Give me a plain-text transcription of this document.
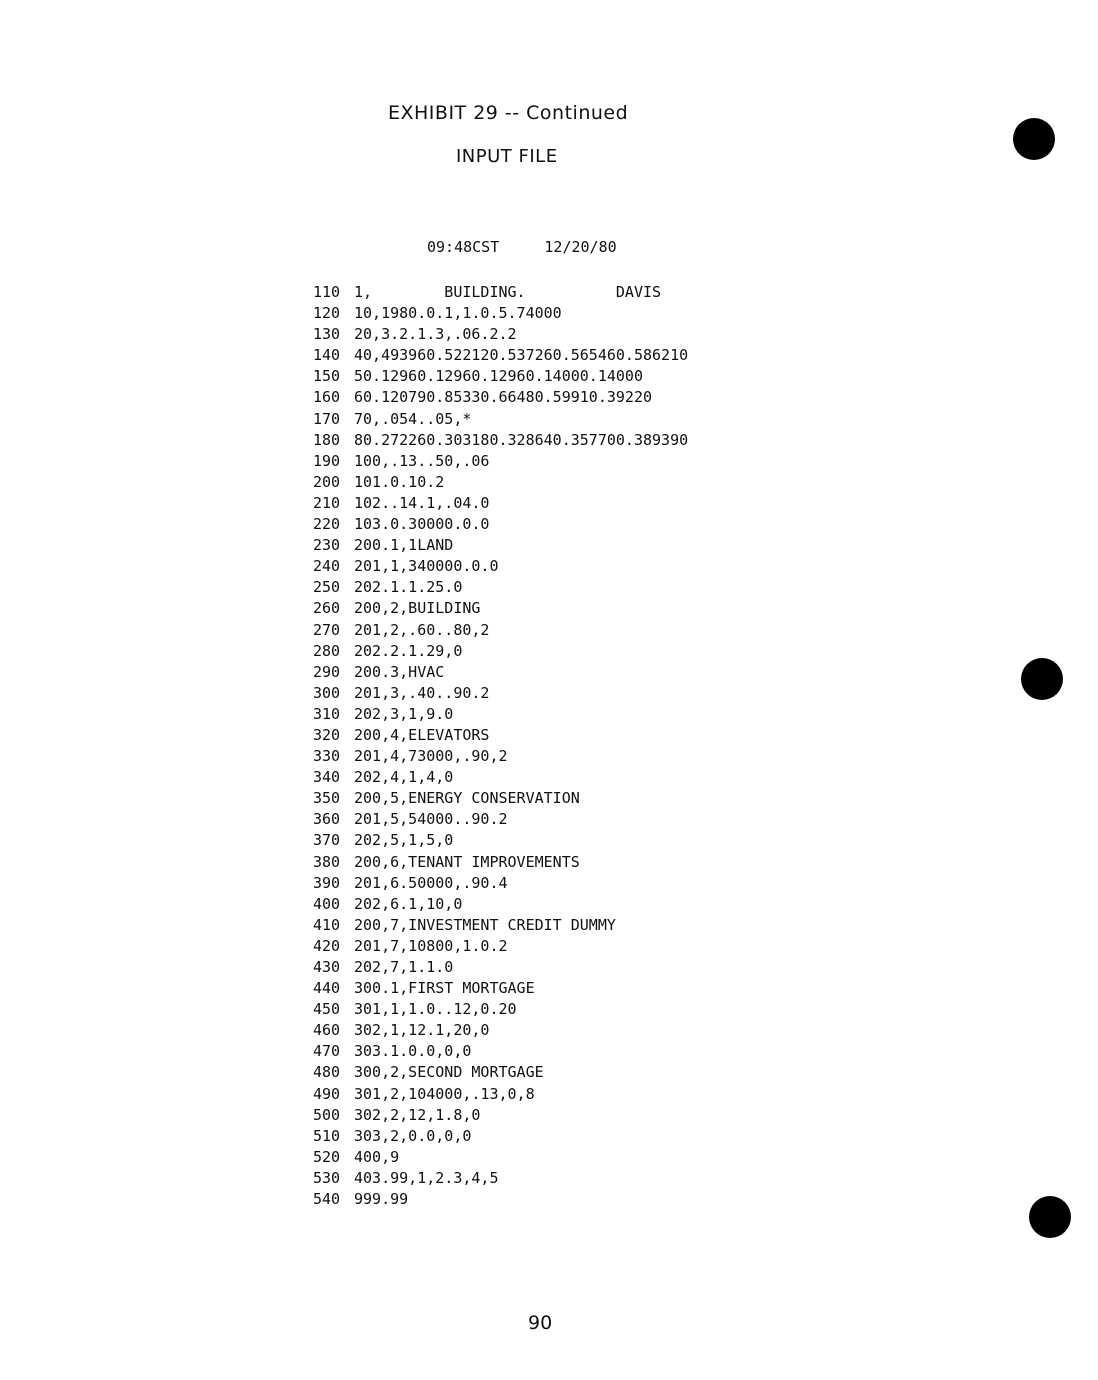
EXHIBIT 29 -- Continued
INPUT FILE
09:48CST     12/20/80
110 1,        BUILDING.          DAVIS
120 10,1980.0.1,1.0.5.74000
130 20,3.2.1.3,.06.2.2
140 40,493960.522120.537260.565460.586210
150 50.12960.12960.12960.14000.14000
160 60.120790.85330.66480.59910.39220
170 70,.054..05,*
180 80.272260.303180.328640.357700.389390
190 100,.13..50,.06
200 101.0.10.2
210 102..14.1,.04.0
220 103.0.30000.0.0
230 200.1,1LAND
240 201,1,340000.0.0
250 202.1.1.25.0
260 200,2,BUILDING
270 201,2,.60..80,2
280 202.2.1.29,0
290 200.3,HVAC
300 201,3,.40..90.2
310 202,3,1,9.0
320 200,4,ELEVATORS
330 201,4,73000,.90,2
340 202,4,1,4,0
350 200,5,ENERGY CONSERVATION
360 201,5,54000..90.2
370 202,5,1,5,0
380 200,6,TENANT IMPROVEMENTS
390 201,6.50000,.90.4
400 202,6.1,10,0
410 200,7,INVESTMENT CREDIT DUMMY
420 201,7,10800,1.0.2
430 202,7,1.1.0
440 300.1,FIRST MORTGAGE
450 301,1,1.0..12,0.20
460 302,1,12.1,20,0
470 303.1.0.0,0,0
480 300,2,SECOND MORTGAGE
490 301,2,104000,.13,0,8
500 302,2,12,1.8,0
510 303,2,0.0,0,0
520 400,9
530 403.99,1,2.3,4,5
540 999.99
90
